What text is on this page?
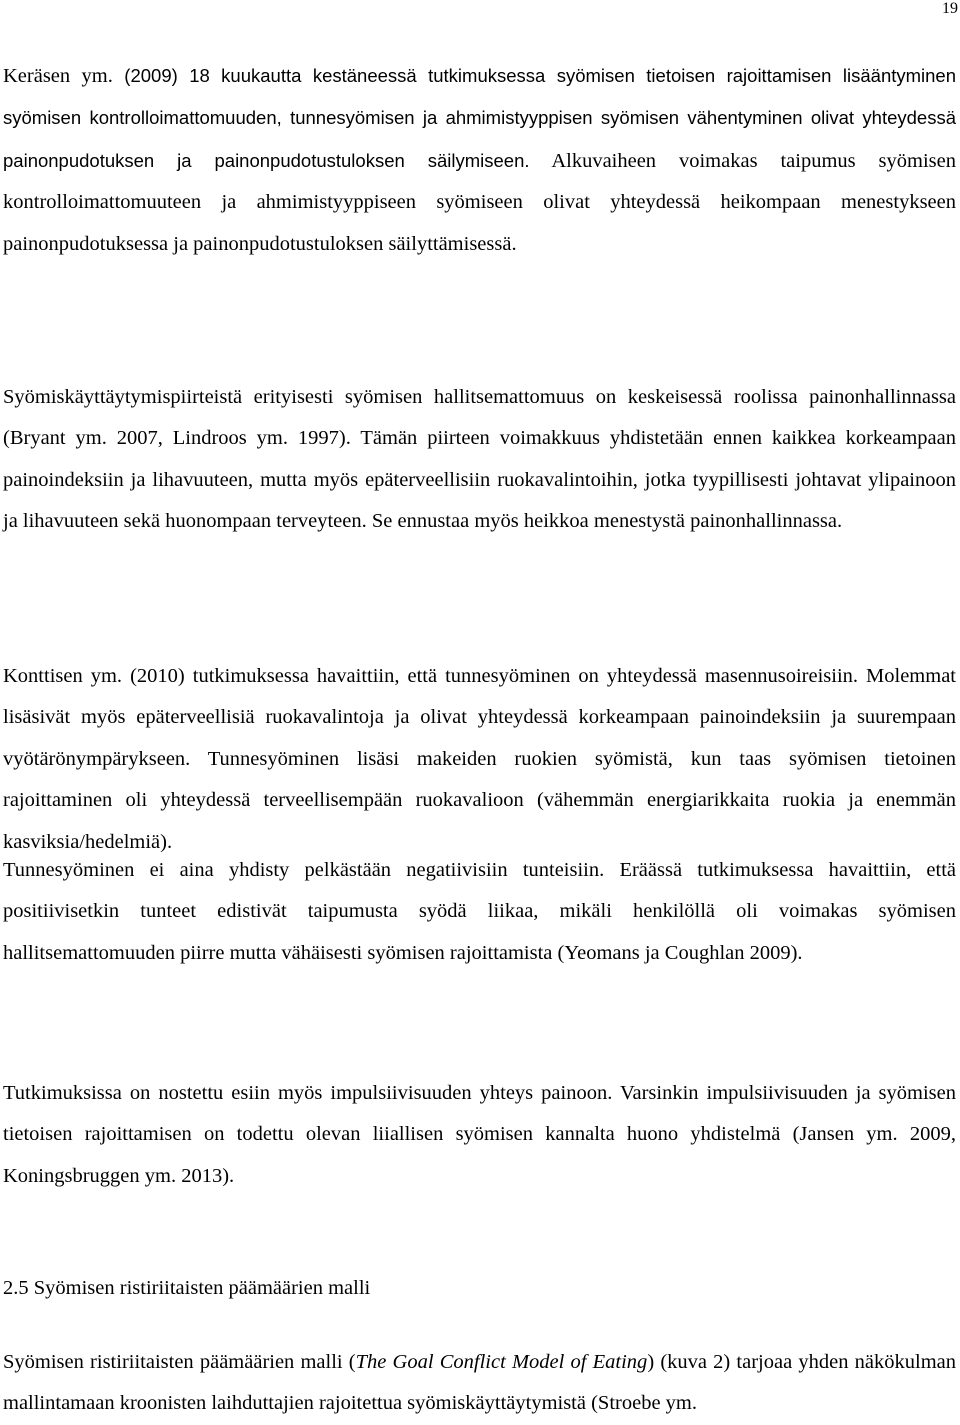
19

Keräsen ym. (2009) 18 kuukautta kestäneessä tutkimuksessa syömisen tietoisen rajoittamisen lisääntyminen syömisen kontrolloimattomuuden, tunnesyömisen ja ahmimistyyppisen syömisen vähentyminen olivat yhteydessä painonpudotuksen ja painonpudotustuloksen säilymiseen. Alkuvaiheen voimakas taipumus syömisen kontrolloimattomuuteen ja ahmimistyyppiseen syömiseen olivat yhteydessä heikompaan menestykseen painonpudotuksessa ja painonpudotustuloksen säilyttämisessä.

Syömiskäyttäytymispiirteistä erityisesti syömisen hallitsemattomuus on keskeisessä roolissa painonhallinnassa (Bryant ym. 2007, Lindroos ym. 1997). Tämän piirteen voimakkuus yhdistetään ennen kaikkea korkeampaan painoindeksiin ja lihavuuteen, mutta myös epäterveellisiin ruokavalintoihin, jotka tyypillisesti johtavat ylipainoon ja lihavuuteen sekä huonompaan terveyteen. Se ennustaa myös heikkoa menestystä painonhallinnassa.

Konttisen ym. (2010) tutkimuksessa havaittiin, että tunnesyöminen on yhteydessä masennusoireisiin. Molemmat lisäsivät myös epäterveellisiä ruokavalintoja ja olivat yhteydessä korkeampaan painoindeksiin ja suurempaan vyötärönympärykseen. Tunnesyöminen lisäsi makeiden ruokien syömistä, kun taas syömisen tietoinen rajoittaminen oli yhteydessä terveellisempään ruokavalioon (vähemmän energiarikkaita ruokia ja enemmän kasviksia/hedelmiä).

Tunnesyöminen ei aina yhdisty pelkästään negatiivisiin tunteisiin. Eräässä tutkimuksessa havaittiin, että positiivisetkin tunteet edistivät taipumusta syödä liikaa, mikäli henkilöllä oli voimakas syömisen hallitsemattomuuden piirre mutta vähäisesti syömisen rajoittamista (Yeomans ja Coughlan 2009).

Tutkimuksissa on nostettu esiin myös impulsiivisuuden yhteys painoon. Varsinkin impulsiivisuuden ja syömisen tietoisen rajoittamisen on todettu olevan liiallisen syömisen kannalta huono yhdistelmä (Jansen ym. 2009, Koningsbruggen ym. 2013).

2.5 Syömisen ristiriitaisten päämäärien malli

Syömisen ristiriitaisten päämäärien malli (The Goal Conflict Model of Eating) (kuva 2) tarjoaa yhden näkökulman mallintamaan kroonisten laihduttajien rajoitettua syömiskäyttäytymistä (Stroebe ym.
